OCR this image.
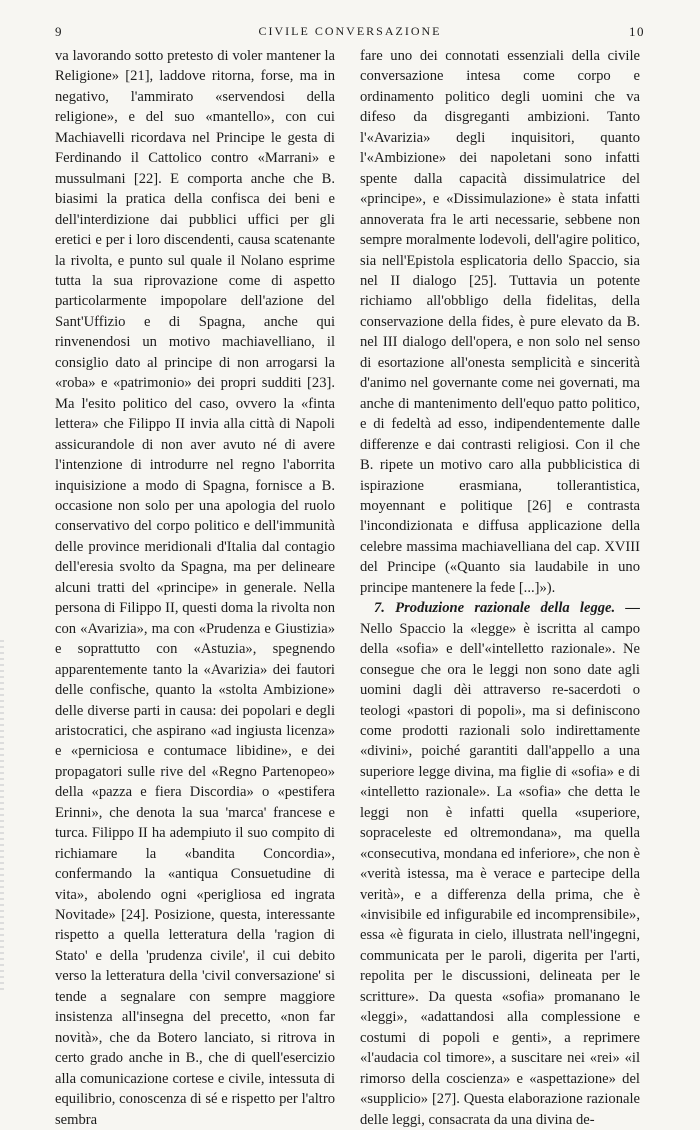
9	CIVILE CONVERSAZIONE	10

va lavorando sotto pretesto di voler mantener la Religione» [21], laddove ritorna, forse, ma in negativo, l'ammirato «servendosi della religione», e del suo «mantello», con cui Machiavelli ricordava nel Principe le gesta di Ferdinando il Cattolico contro «Marrani» e mussulmani [22]. E comporta anche che B. biasimi la pratica della confisca dei beni e dell'interdizione dai pubblici uffici per gli eretici e per i loro discendenti, causa scatenante la rivolta, e punto sul quale il Nolano esprime tutta la sua riprovazione come di aspetto particolarmente impopolare dell'azione del Sant'Uffizio e di Spagna, anche qui rinvenendosi un motivo machiavelliano, il consiglio dato al principe di non arrogarsi la «roba» e «patrimonio» dei propri sudditi [23]. Ma l'esito politico del caso, ovvero la «finta lettera» che Filippo II invia alla città di Napoli assicurandole di non aver avuto né di avere l'intenzione di introdurre nel regno l'aborrita inquisizione a modo di Spagna, fornisce a B. occasione non solo per una apologia del ruolo conservativo del corpo politico e dell'immunità delle province meridionali d'Italia dal contagio dell'eresia svolto da Spagna, ma per delineare alcuni tratti del «principe» in generale. Nella persona di Filippo II, questi doma la rivolta non con «Avarizia», ma con «Prudenza e Giustizia» e soprattutto con «Astuzia», spegnendo apparentemente tanto la «Avarizia» dei fautori delle confische, quanto la «stolta Ambizione» delle diverse parti in causa: dei popolari e degli aristocratici, che aspirano «ad ingiusta licenza» e «perniciosa e contumace libidine», e dei propagatori sulle rive del «Regno Partenopeo» della «pazza e fiera Discordia» o «pestifera Erinni», che denota la sua 'marca' francese e turca. Filippo II ha adempiuto il suo compito di richiamare la «bandita Concordia», confermando la «antiqua Consuetudine di vita», abolendo ogni «perigliosa ed ingrata Novitade» [24]. Posizione, questa, interessante rispetto a quella letteratura della 'ragion di Stato' e della 'prudenza civile', il cui debito verso la letteratura della 'civil conversazione' si tende a segnalare con sempre maggiore insistenza all'insegna del precetto, «non far novità», che da Botero lanciato, si ritrova in certo grado anche in B., che di quell'esercizio alla comunicazione cortese e civile, intessuta di equilibrio, conoscenza di sé e rispetto per l'altro sembra

fare uno dei connotati essenziali della civile conversazione intesa come corpo e ordinamento politico degli uomini che va difeso da disgreganti ambizioni. Tanto l'«Avarizia» degli inquisitori, quanto l'«Ambizione» dei napoletani sono infatti spente dalla capacità dissimulatrice del «principe», e «Dissimulazione» è stata infatti annoverata fra le arti necessarie, sebbene non sempre moralmente lodevoli, dell'agire politico, sia nell'Epistola esplicatoria dello Spaccio, sia nel II dialogo [25]. Tuttavia un potente richiamo all'obbligo della fidelitas, della conservazione della fides, è pure elevato da B. nel III dialogo dell'opera, e non solo nel senso di esortazione all'onesta semplicità e sincerità d'animo nel governante come nei governati, ma anche di mantenimento dell'equo patto politico, e di fedeltà ad esso, indipendentemente dalle differenze e dai contrasti religiosi. Con il che B. ripete un motivo caro alla pubblicistica di ispirazione erasmiana, tollerantistica, moyennant e politique [26] e contrasta l'incondizionata e diffusa applicazione della celebre massima machiavelliana del cap. XVIII del Principe («Quanto sia laudabile in uno principe mantenere la fede [...]»).

7. Produzione razionale della legge. — Nello Spaccio la «legge» è iscritta al campo della «sofia» e dell'«intelletto razionale». Ne consegue che ora le leggi non sono date agli uomini dagli dèi attraverso re-sacerdoti o teologi «pastori di popoli», ma si definiscono come prodotti razionali solo indirettamente «divini», poiché garantiti dall'appello a una superiore legge divina, ma figlie di «sofia» e di «intelletto razionale». La «sofia» che detta le leggi non è infatti quella «superiore, sopraceleste ed oltremondana», ma quella «consecutiva, mondana ed inferiore», che non è «verità istessa, ma è verace e partecipe della verità», e a differenza della prima, che è «invisibile ed infigurabile ed incomprensibile», essa «è figurata in cielo, illustrata nell'ingegni, communicata per le paroli, digerita per l'arti, repolita per le discussioni, delineata per le scritture». Da questa «sofia» promanano le «leggi», «adattandosi alla complessione e costumi di popoli e genti», a reprimere «l'audacia col timore», a suscitare nei «rei» «il rimorso della coscienza» e «aspettazione» del «supplicio» [27]. Questa elaborazione razionale delle leggi, consacrata da una divina de-
